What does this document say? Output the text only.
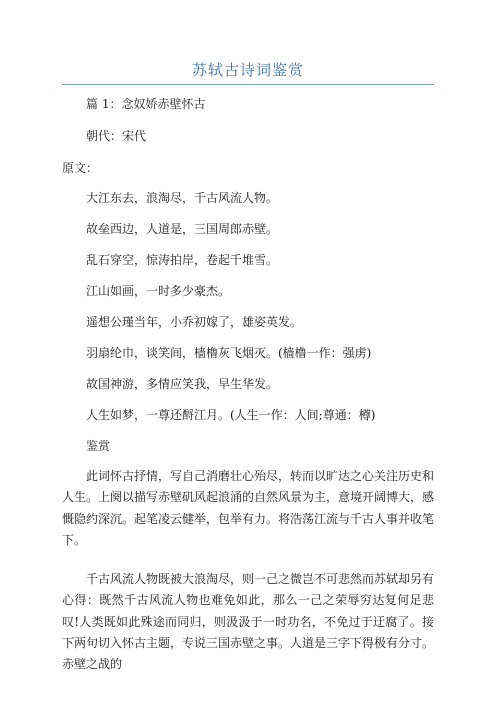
苏轼古诗词鉴赏
篇 1：念奴娇赤壁怀古
朝代：宋代
原文：
大江东去，浪淘尽，千古风流人物。
故垒西边，人道是，三国周郎赤壁。
乱石穿空，惊涛拍岸，卷起千堆雪。
江山如画，一时多少豪杰。
遥想公瑾当年，小乔初嫁了，雄姿英发。
羽扇纶巾，谈笑间，樯橹灰飞烟灭。(樯橹一作：强虏)
故国神游，多情应笑我，早生华发。
人生如梦，一尊还酹江月。(人生一作：人间;尊通：樽)
鉴赏

此词怀古抒情，写自己消磨壮心殆尽，转而以旷达之心关注历史和人生。上阕以描写赤壁矶风起浪涌的自然风景为主，意境开阔博大，感慨隐约深沉。起笔凌云健举，包举有力。将浩荡江流与千古人事并收笔下。

千古风流人物既被大浪淘尽，则一己之微岂不可悲然而苏轼却另有心得：既然千古风流人物也难免如此，那么一己之荣辱穷达复何足悲叹!人类既如此殊途而同归，则汲汲于一时功名，不免过于迂腐了。接下两句切入怀古主题，专说三国赤壁之事。人道是三字下得极有分寸。赤壁之战的
